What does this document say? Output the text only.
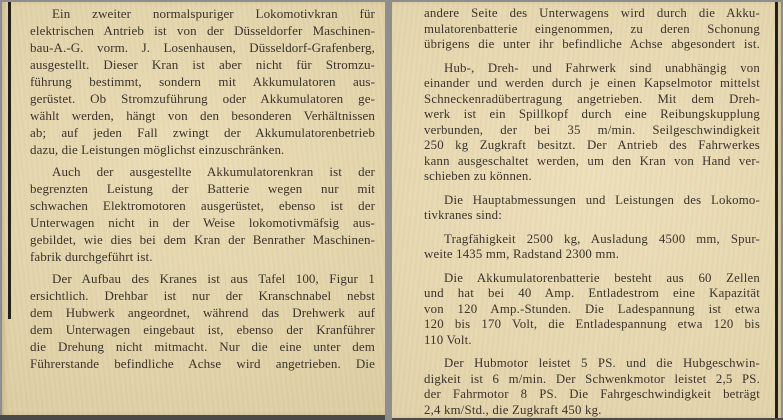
Ein zweiter normalspuriger Lokomotivkran für
elektrischen Antrieb ist von der Düsseldorfer Maschinen-
bau-A.-G. vorm. J. Losenhausen, Düsseldorf-Grafenberg,
ausgestellt. Dieser Kran ist aber nicht für Stromzu-
führung bestimmt, sondern mit Akkumulatoren aus-
gerüstet. Ob Stromzuführung oder Akkumulatoren ge-
wählt werden, hängt von den besonderen Verhältnissen
ab; auf jeden Fall zwingt der Akkumulatorenbetrieb
dazu, die Leistungen möglichst einzuschränken.
Auch der ausgestellte Akkumulatorenkran ist der
begrenzten Leistung der Batterie wegen nur mit
schwachen Elektromotoren ausgerüstet, ebenso ist der
Unterwagen nicht in der Weise lokomotivmäfsig aus-
gebildet, wie dies bei dem Kran der Benrather Maschinen-
fabrik durchgeführt ist.
Der Aufbau des Kranes ist aus Tafel 100, Figur 1
ersichtlich. Drehbar ist nur der Kranschnabel nebst
dem Hubwerk angeordnet, während das Drehwerk auf
dem Unterwagen eingebaut ist, ebenso der Kranführer
die Drehung nicht mitmacht. Nur die eine unter dem
Führerstande befindliche Achse wird angetrieben. Die
andere Seite des Unterwagens wird durch die Akku-
mulatorenbatterie eingenommen, zu deren Schonung
übrigens die unter ihr befindliche Achse abgesondert ist.
Hub-, Dreh- und Fahrwerk sind unabhängig von
einander und werden durch je einen Kapselmotor mittelst
Schneckenradübertragung angetrieben. Mit dem Dreh-
werk ist ein Spillkopf durch eine Reibungskupplung
verbunden, der bei 35 m/min. Seilgeschwindigkeit
250 kg Zugkraft besitzt. Der Antrieb des Fahrwerkes
kann ausgeschaltet werden, um den Kran von Hand ver-
schieben zu können.
Die Hauptabmessungen und Leistungen des Lokomo-
tivkranes sind:
Tragfähigkeit 2500 kg, Ausladung 4500 mm, Spur-
weite 1435 mm, Radstand 2300 mm.
Die Akkumulatorenbatterie besteht aus 60 Zellen
und hat bei 40 Amp. Entladestrom eine Kapazität
von 120 Amp.-Stunden. Die Ladespannung ist etwa
120 bis 170 Volt, die Entladespannung etwa 120 bis
110 Volt.
Der Hubmotor leistet 5 PS. und die Hubgeschwin-
digkeit ist 6 m/min. Der Schwenkmotor leistet 2,5 PS.
der Fahrmotor 8 PS. Die Fahrgeschwindigkeit beträgt
2,4 km/Std., die Zugkraft 450 kg.
